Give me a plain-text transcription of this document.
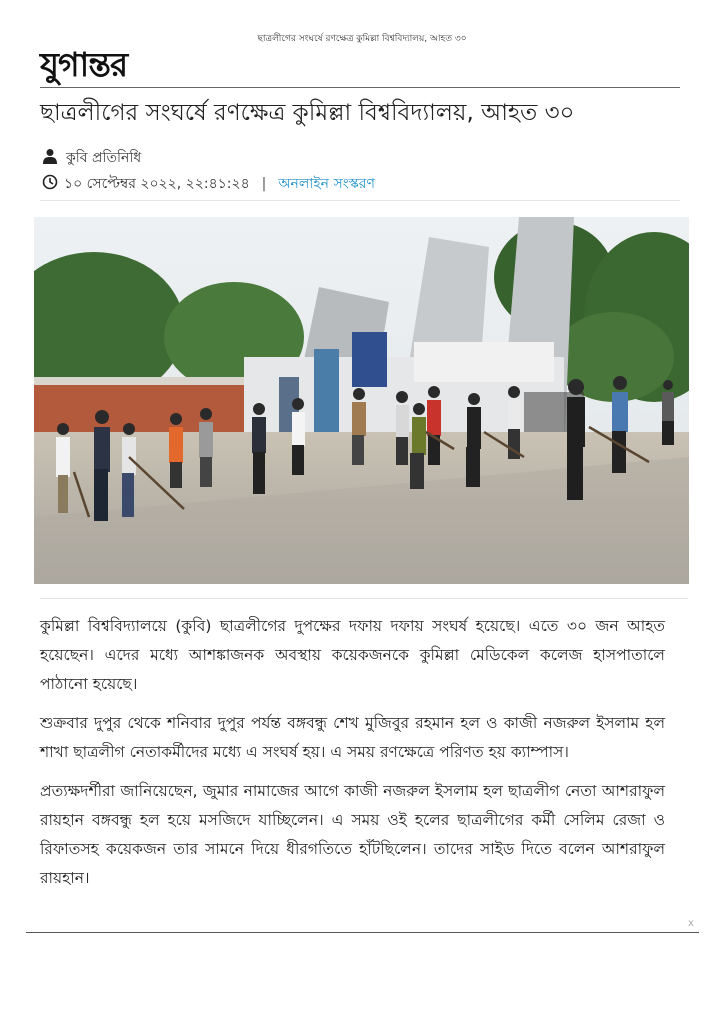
ছাত্রলীগের সংঘর্ষে রণক্ষেত্র কুমিল্লা বিশ্ববিদ্যালয়, আহত ৩০
যুগান্তর
ছাত্রলীগের সংঘর্ষে রণক্ষেত্র কুমিল্লা বিশ্ববিদ্যালয়, আহত ৩০
কুবি প্রতিনিধি
১০ সেপ্টেম্বর ২০২২, ২২:৪১:২৪ | অনলাইন সংস্করণ

কুমিল্লা বিশ্ববিদ্যালয়ে (কুবি) ছাত্রলীগের দুপক্ষের দফায় দফায় সংঘর্ষ হয়েছে। এতে ৩০ জন আহত হয়েছেন। এদের মধ্যে আশঙ্কাজনক অবস্থায় কয়েকজনকে কুমিল্লা মেডিকেল কলেজ হাসপাতালে পাঠানো হয়েছে।

শুক্রবার দুপুর থেকে শনিবার দুপুর পর্যন্ত বঙ্গবন্ধু শেখ মুজিবুর রহমান হল ও কাজী নজরুল ইসলাম হল শাখা ছাত্রলীগ নেতাকর্মীদের মধ্যে এ সংঘর্ষ হয়। এ সময় রণক্ষেত্রে পরিণত হয় ক্যাম্পাস।

প্রত্যক্ষদর্শীরা জানিয়েছেন, জুমার নামাজের আগে কাজী নজরুল ইসলাম হল ছাত্রলীগ নেতা আশরাফুল রায়হান বঙ্গবন্ধু হল হয়ে মসজিদে যাচ্ছিলেন। এ সময় ওই হলের ছাত্রলীগের কর্মী সেলিম রেজা ও রিফাতসহ কয়েকজন তার সামনে দিয়ে ধীরগতিতে হাঁটছিলেন। তাদের সাইড দিতে বলেন আশরাফুল রায়হান।

x
